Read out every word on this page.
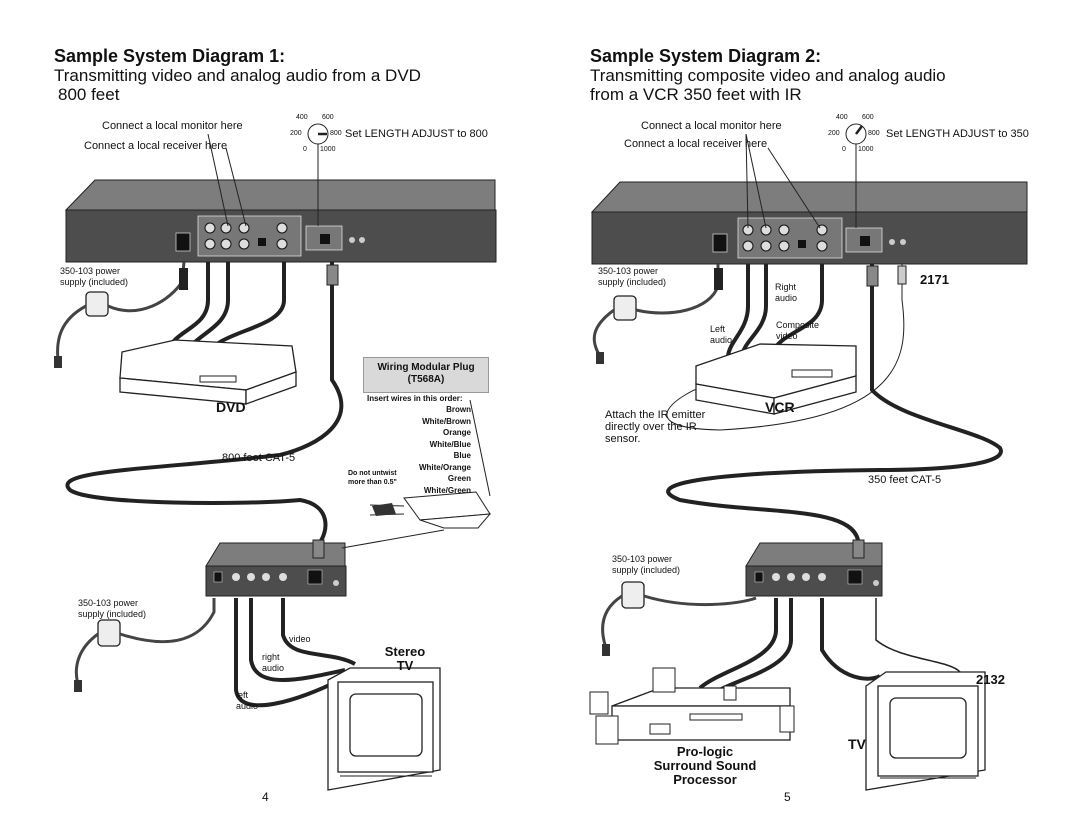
Sample System Diagram 1:
Transmitting video and analog audio from a DVD
800 feet
Connect a local monitor here
Connect a local receiver here
Set LENGTH ADJUST to 800
400 600
200	800
0 1000
350-103 power supply (included)
DVD
800 feet CAT-5
350-103 power supply (included)
video
right audio
left audio
Stereo
TV
4
Wiring Modular Plug
(T568A)
Insert wires in this order:
Brown
White/Brown
Orange
White/Blue
Blue
White/Orange
Green
White/Green
Do not untwist
more than 0.5"
Sample System Diagram 2:
Transmitting composite video and analog audio
from a VCR 350 feet with IR
Connect a local monitor here
Connect a local receiver here
Set LENGTH ADJUST to 350
400 600
200	800
0 1000
350-103 power supply (included)	2171
Right audio
Left audio
Composite video
VCR
Attach the IR emitter
directly over the IR
sensor.
350 feet CAT-5
350-103 power supply (included)
2132
Pro-logic
Surround Sound
Processor
TV
5
